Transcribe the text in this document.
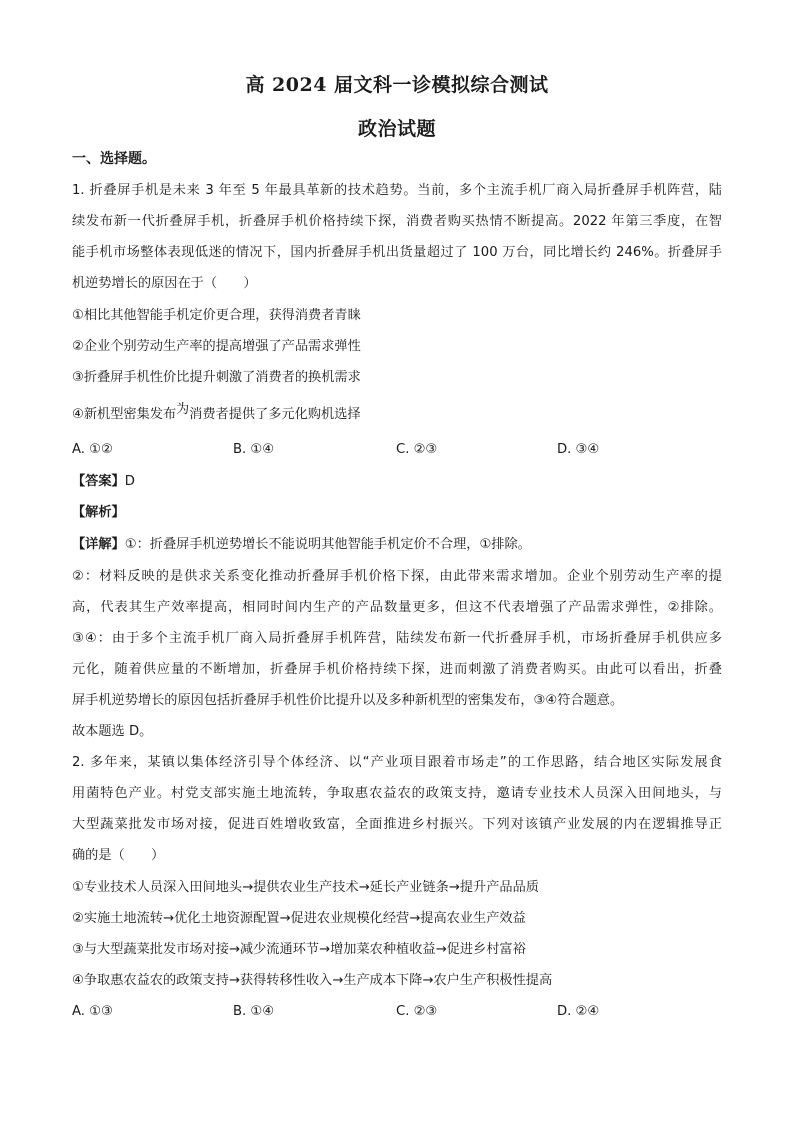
高 2024 届文科一诊模拟综合测试
政治试题
一、选择题。
1. 折叠屏手机是未来 3 年至 5 年最具革新的技术趋势。当前，多个主流手机厂商入局折叠屏手机阵营，陆
续发布新一代折叠屏手机，折叠屏手机价格持续下探，消费者购买热情不断提高。2022 年第三季度，在智
能手机市场整体表现低迷的情况下，国内折叠屏手机出货量超过了 100 万台，同比增长约 246%。折叠屏手
机逆势增长的原因在于（　　）
①相比其他智能手机定价更合理，获得消费者青睐
②企业个别劳动生产率的提高增强了产品需求弹性
③折叠屏手机性价比提升刺激了消费者的换机需求
④新机型密集发布为消费者提供了多元化购机选择
A. ①②	B. ①④	C. ②③	D. ③④
【答案】D
【解析】
【详解】①：折叠屏手机逆势增长不能说明其他智能手机定价不合理，①排除。
②：材料反映的是供求关系变化推动折叠屏手机价格下探，由此带来需求增加。企业个别劳动生产率的提
高，代表其生产效率提高，相同时间内生产的产品数量更多，但这不代表增强了产品需求弹性，②排除。
③④：由于多个主流手机厂商入局折叠屏手机阵营，陆续发布新一代折叠屏手机，市场折叠屏手机供应多
元化，随着供应量的不断增加，折叠屏手机价格持续下探，进而刺激了消费者购买。由此可以看出，折叠
屏手机逆势增长的原因包括折叠屏手机性价比提升以及多种新机型的密集发布，③④符合题意。
故本题选 D。
2. 多年来，某镇以集体经济引导个体经济、以“产业项目跟着市场走”的工作思路，结合地区实际发展食
用菌特色产业。村党支部实施土地流转，争取惠农益农的政策支持，邀请专业技术人员深入田间地头，与
大型蔬菜批发市场对接，促进百姓增收致富，全面推进乡村振兴。下列对该镇产业发展的内在逻辑推导正
确的是（　　）
①专业技术人员深入田间地头→提供农业生产技术→延长产业链条→提升产品品质
②实施土地流转→优化土地资源配置→促进农业规模化经营→提高农业生产效益
③与大型蔬菜批发市场对接→减少流通环节→增加菜农种植收益→促进乡村富裕
④争取惠农益农的政策支持→获得转移性收入→生产成本下降→农户生产积极性提高
A. ①③	B. ①④	C. ②③	D. ②④
